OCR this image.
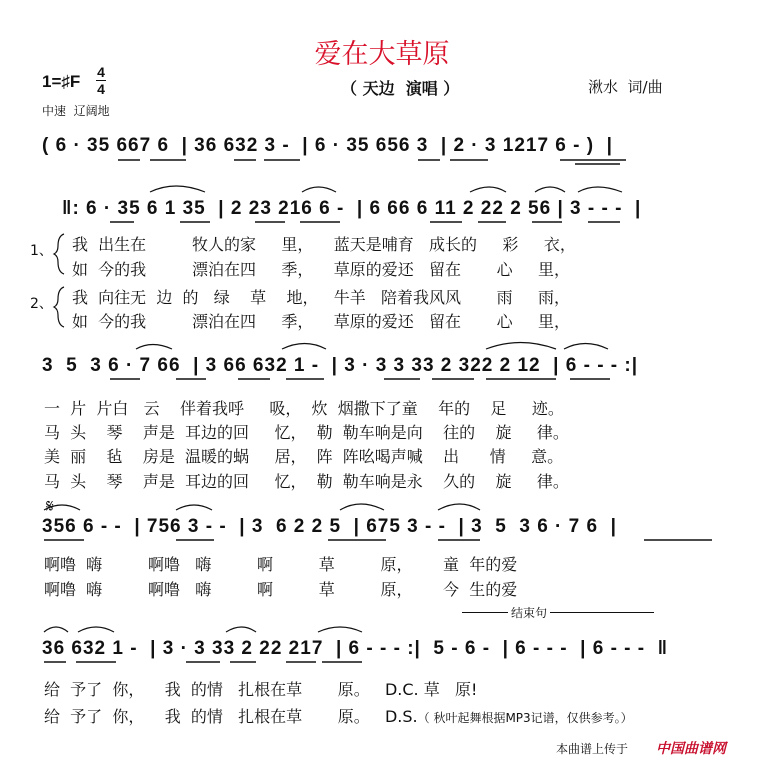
爱在大草原
1=♯F 4
4	（ 天边  演唱 ）	湫水  词/曲
中速  辽阔地
( 6 · 35 667 6  | 36 632 3 -  | 6 · 35 656 3  | 2 · 3 1217 6 - )  |
‖: 6 · 35 6 1 35  | 2 23 216 6 -  | 6 66 6 11 2 22 2 56 | 3 - - -  |
1、
2、
我  出生在         牧人的家     里，    蓝天是哺育   成长的     彩     衣，
如  今的我         漂泊在四     季，    草原的爱还   留在       心     里，
我  向往无  边  的   绿    草    地，   牛羊   陪着我风风       雨     雨，
如  今的我         漂泊在四     季，    草原的爱还   留在       心     里，
3  5  3 6 · 7 66  | 3 66 632 1 -  | 3 · 3 3 33 2 322 2 12  | 6 - - - :|
一  片  片白   云    伴着我呼     吸，  炊  烟撒下了童    年的    足     迹。
马  头    琴    声是  耳边的回     忆，  勒  勒车响是向    往的    旋     律。
美  丽    毡    房是  温暖的蜗     居，  阵  阵吆喝声喊    出      情     意。
马  头    琴    声是  耳边的回     忆，  勒  勒车响是永    久的    旋     律。
𝄋
356 6 - -  | 756 3 - -  | 3  6 2 2 5  | 675 3 - -  | 3  5  3 6 · 7 6  |
啊噜  嗨         啊噜   嗨         啊         草         原，      童  年的爱
啊噜  嗨         啊噜   嗨         啊         草         原，      今  生的爱
结束句
36 632 1 -  | 3 · 3 33 2 22 217  | 6 - - - :|  5 - 6 -  | 6 - - -  | 6 - - -  ‖
给  予了  你，    我  的情   扎根在草       原。   D.C. 草   原!
给  予了  你，    我  的情   扎根在草       原。   D.S.（ 秋叶起舞根据MP3记谱，仅供参考。）
本曲谱上传于 中国曲谱网
